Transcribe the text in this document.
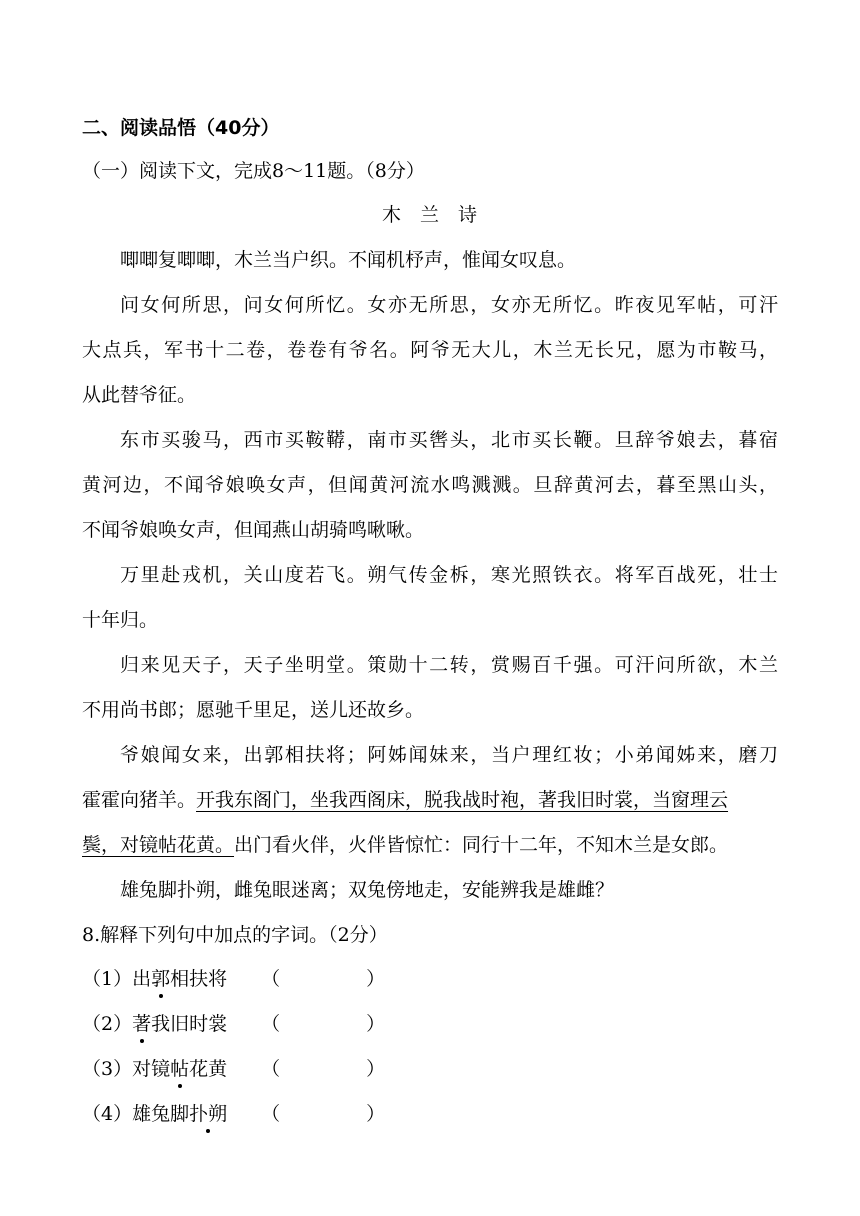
二、阅读品悟（40分）
（一）阅读下文，完成8～11题。（8分）
木　兰　诗
唧唧复唧唧，木兰当户织。不闻机杼声，惟闻女叹息。
问女何所思，问女何所忆。女亦无所思，女亦无所忆。昨夜见军帖，可汗
大点兵，军书十二卷，卷卷有爷名。阿爷无大儿，木兰无长兄，愿为市鞍马，
从此替爷征。
东市买骏马，西市买鞍鞯，南市买辔头，北市买长鞭。旦辞爷娘去，暮宿
黄河边，不闻爷娘唤女声，但闻黄河流水鸣溅溅。旦辞黄河去，暮至黑山头，
不闻爷娘唤女声，但闻燕山胡骑鸣啾啾。
万里赴戎机，关山度若飞。朔气传金柝，寒光照铁衣。将军百战死，壮士
十年归。
归来见天子，天子坐明堂。策勋十二转，赏赐百千强。可汗问所欲，木兰
不用尚书郎；愿驰千里足，送儿还故乡。
爷娘闻女来，出郭相扶将；阿姊闻妹来，当户理红妆；小弟闻姊来，磨刀
霍霍向猪羊。开我东阁门，坐我西阁床，脱我战时袍，著我旧时裳，当窗理云
鬓，对镜帖花黄。出门看火伴，火伴皆惊忙：同行十二年，不知木兰是女郎。
雄兔脚扑朔，雌兔眼迷离；双兔傍地走，安能辨我是雄雌？
8.解释下列句中加点的字词。（2分）
（1）出郭相扶将 （	）
（2）著我旧时裳 （	）
（3）对镜帖花黄 （	）
（4）雄兔脚扑朔 （	）
